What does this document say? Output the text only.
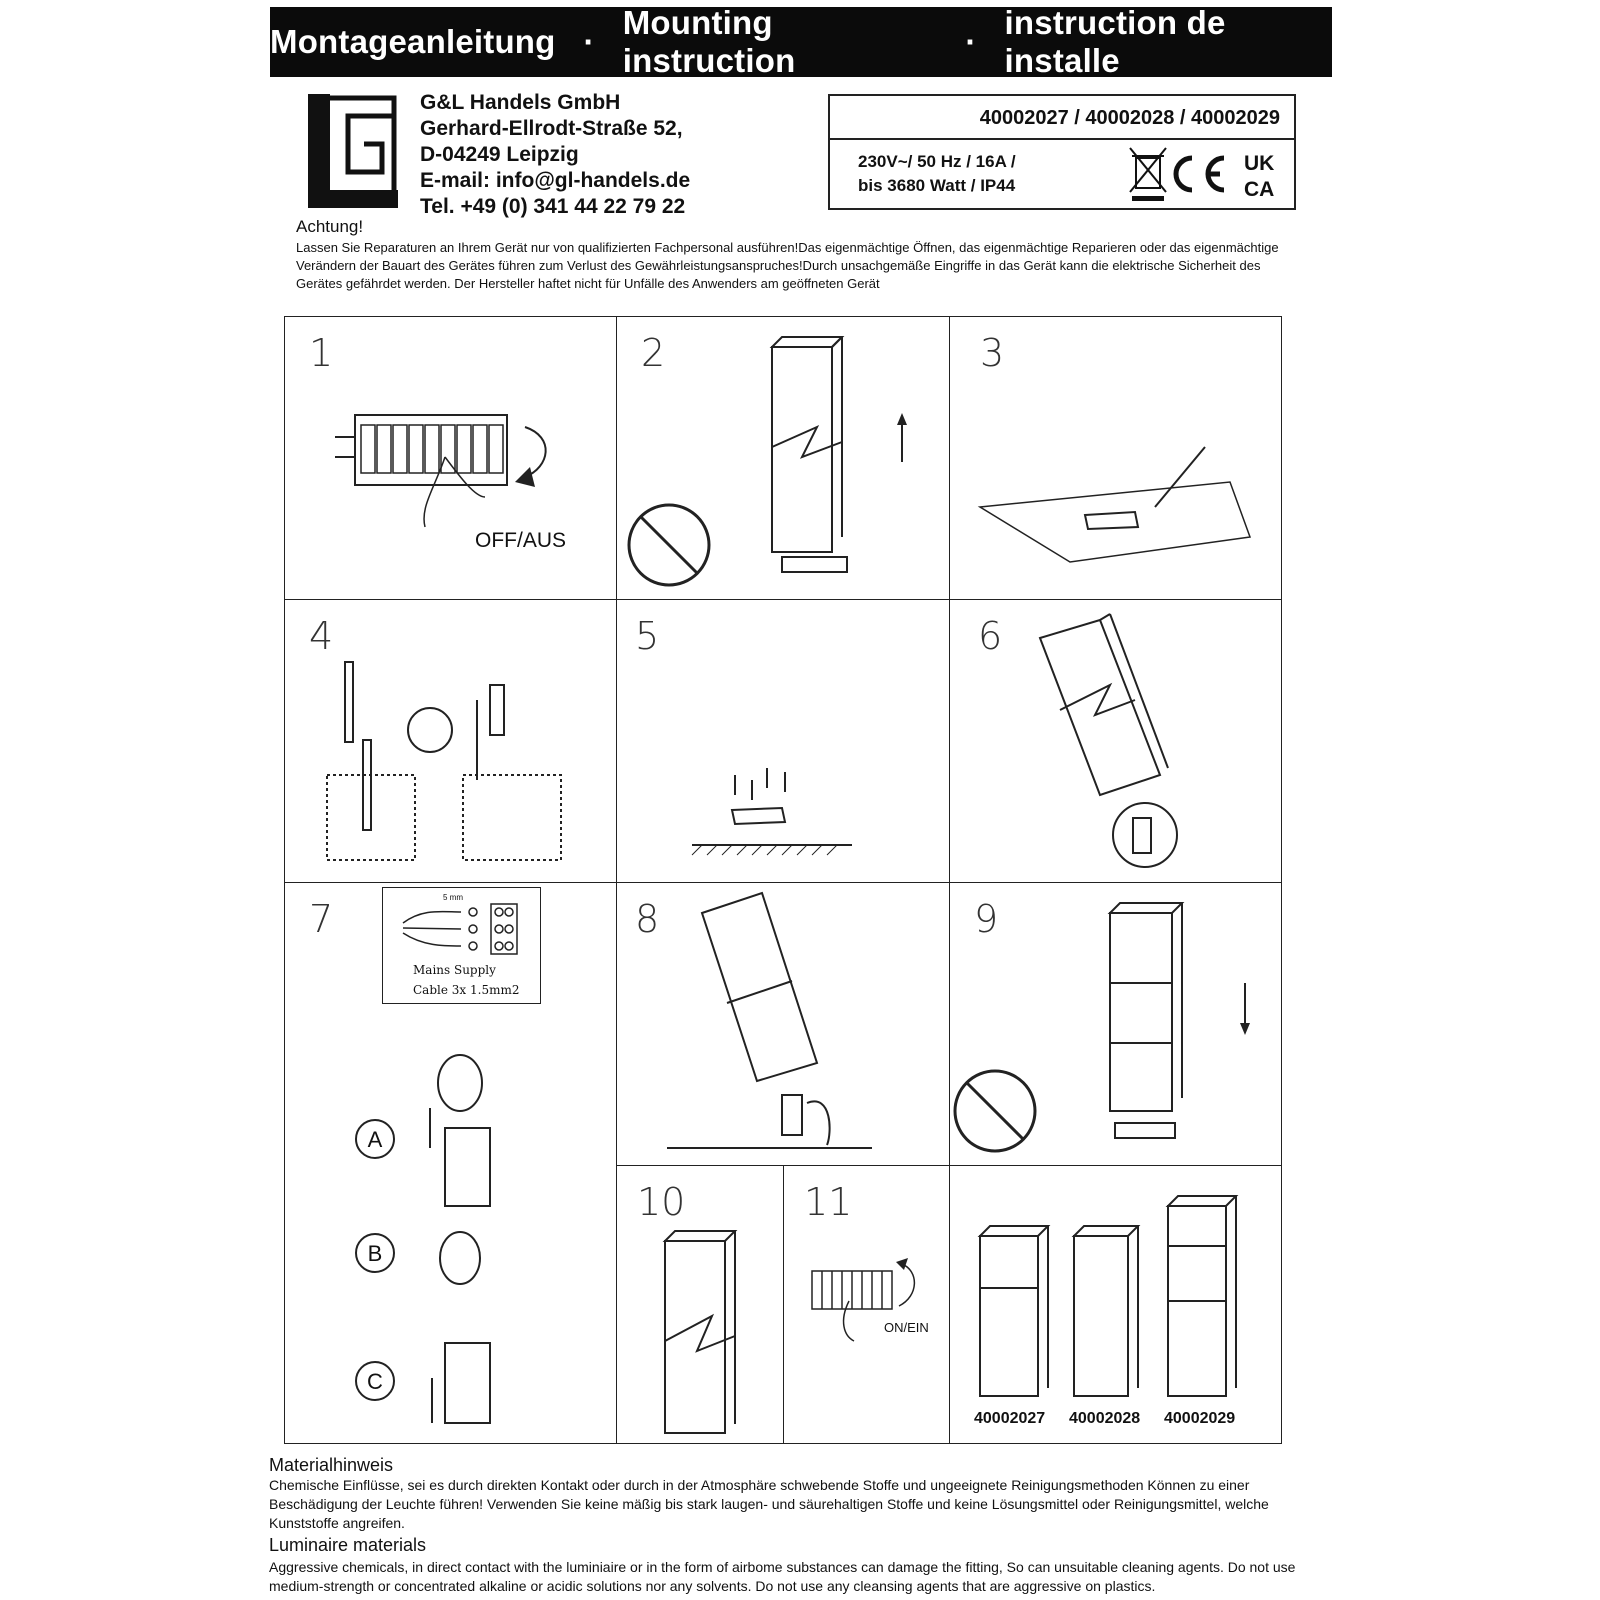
Montageanleitung ·
Mounting instruction
·
instruction de installe
G&L Handels GmbH
Gerhard-Ellrodt-Straße 52,
D-04249 Leipzig
E-mail: info@gl-handels.de
Tel. +49 (0) 341 44 22 79 22
40002027 / 40002028 / 40002029
230V~/ 50 Hz / 16A /
bis 3680 Watt / IP44
UK
CA
Achtung!
Lassen Sie Reparaturen an Ihrem Gerät nur von qualifizierten Fachpersonal ausführen!Das eigenmächtige Öffnen, das eigenmächtige Reparieren oder das eigenmächtige Verändern der Bauart des Gerätes führen zum Verlust des Gewährleistungsanspruches!Durch unsachgemäße Eingriffe in das Gerät kann die elektrische Sicherheit des Gerätes gefährdet werden. Der Hersteller haftet nicht für Unfälle des Anwenders am geöffneten Gerät
1
OFF/AUS
2	3
4	5	6
7	5 mm
Mains Supply
Cable 3x 1.5mm2
A
B
C
8	9
10	11
ON/EIN
40002027 40002028 40002029
Materialhinweis
Chemische Einflüsse, sei es durch direkten Kontakt oder durch in der Atmosphäre schwebende Stoffe und ungeeignete Reinigungsmethoden Können zu einer Beschädigung der Leuchte führen! Verwenden Sie keine mäßig bis stark laugen- und säurehaltigen Stoffe und keine Lösungsmittel oder Reinigungsmittel, welche Kunststoffe angreifen.
Luminaire materials
Aggressive chemicals, in direct contact with the luminiaire or in the form of airbome substances can damage the fitting, So can unsuitable cleaning agents. Do not use medium-strength or concentrated alkaline or acidic solutions nor any solvents. Do not use any cleansing agents that are aggressive on plastics.
